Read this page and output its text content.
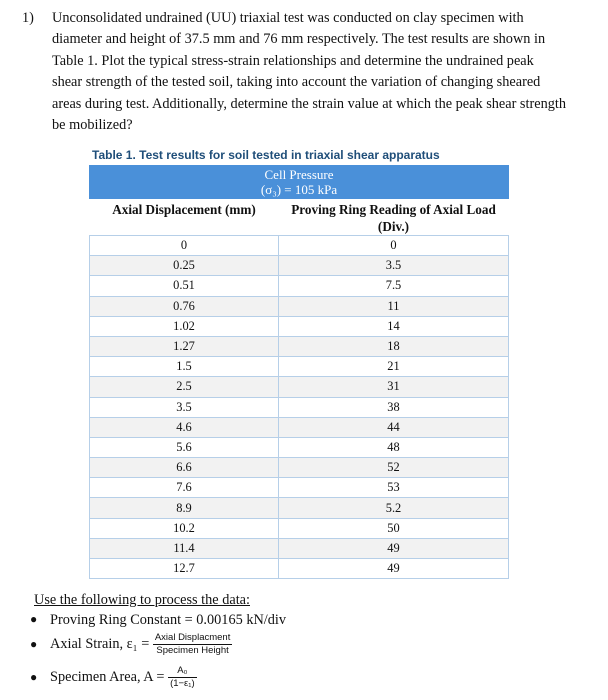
1) Unconsolidated undrained (UU) triaxial test was conducted on clay specimen with
diameter and height of 37.5 mm and 76 mm respectively. The test results are shown in
Table 1. Plot the typical stress-strain relationships and determine the undrained peak
shear strength of the tested soil, taking into account the variation of changing sheared
areas during test. Additionally, determine the strain value at which the peak shear strength
be mobilized?
Table 1. Test results for soil tested in triaxial shear apparatus
Cell Pressure
(σ₃) = 105 kPa	

Axial Displacement (mm)	Proving Ring Reading of Axial Load (Div.)
0	0
0.25	3.5
0.51	7.5
0.76	11
1.02	14
1.27	18
1.5	21
2.5	31
3.5	38
4.6	44
5.6	48
6.6	52
7.6	53
8.9	5.2
10.2	50
11.4	49
12.7	49
Use the following to process the data:
● Proving Ring Constant = 0.00165 kN/div
● Axial Strain, $\varepsilon_1 = \frac{\text{Axial Displacment}}{\text{Specimen Height}}$
● Specimen Area, $A = \frac{\text{A₀}}{\text{(1−ε₁)}}$
